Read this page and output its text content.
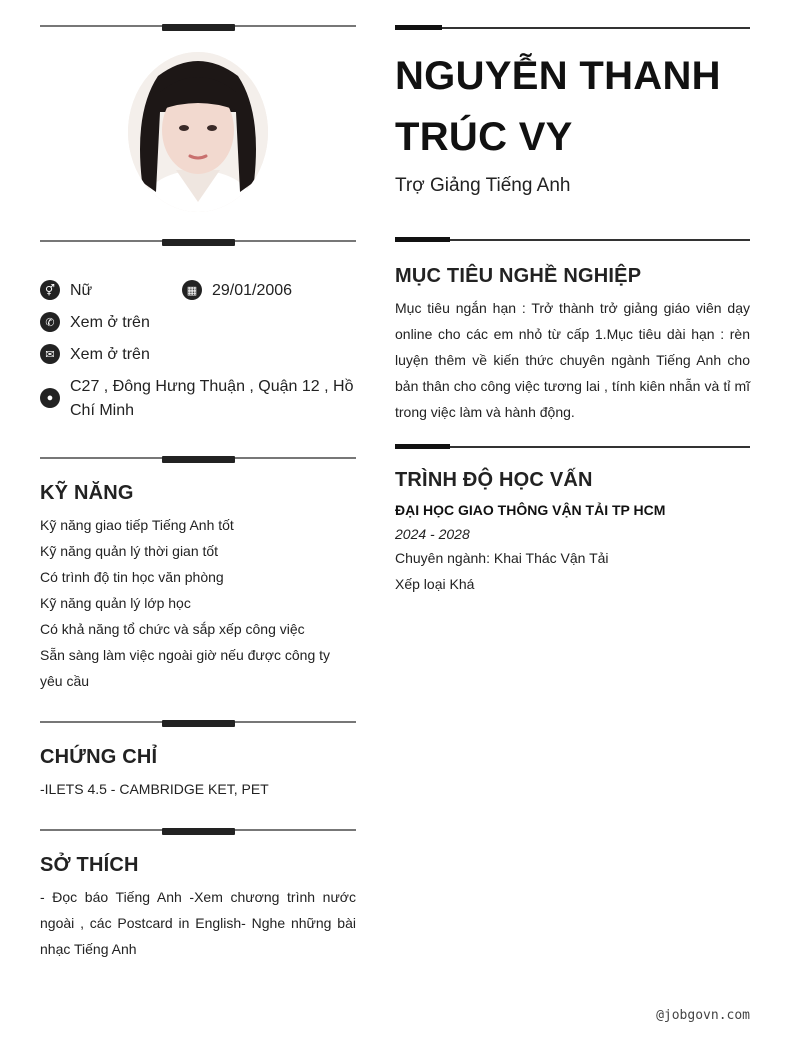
⚥ Nữ	▦ 29/01/2006
✆ Xem ở trên
✉ Xem ở trên
●
C27 , Đông Hưng Thuận , Quận 12 , Hồ Chí Minh
KỸ NĂNG
Kỹ năng giao tiếp Tiếng Anh tốt
Kỹ năng quản lý thời gian tốt
Có trình độ tin học văn phòng
Kỹ năng quản lý lớp học
Có khả năng tổ chức và sắp xếp công việc
Sẵn sàng làm việc ngoài giờ nếu được công ty yêu cầu
CHỨNG CHỈ
-ILETS 4.5 - CAMBRIDGE KET, PET
SỞ THÍCH
- Đọc báo Tiếng Anh -Xem chương trình nước ngoài , các Postcard in English- Nghe những bài nhạc Tiếng Anh
NGUYỄN THANH
TRÚC VY
Trợ Giảng Tiếng Anh
MỤC TIÊU NGHỀ NGHIỆP
Mục tiêu ngắn hạn : Trở thành trở giảng giáo viên dạy online cho các em nhỏ từ cấp 1.Mục tiêu dài hạn : rèn luyện thêm về kiến thức chuyên ngành Tiếng Anh cho bản thân cho công việc tương lai , tính kiên nhẫn và tỉ mĩ trong việc làm và hành động.
TRÌNH ĐỘ HỌC VẤN
ĐẠI HỌC GIAO THÔNG VẬN TẢI TP HCM
2024 - 2028
Chuyên ngành: Khai Thác Vận Tải
Xếp loại Khá
@jobgovn.com
